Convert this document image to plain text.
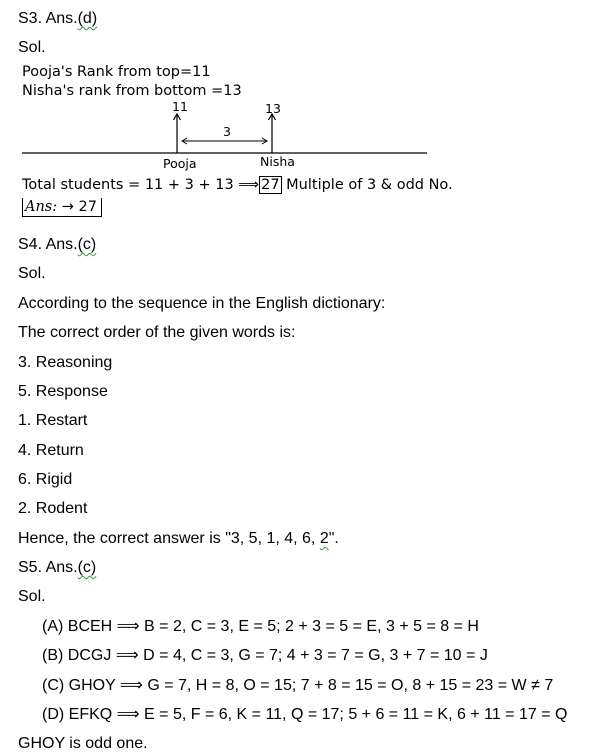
S3. Ans.(d)
Sol.
Pooja's Rank from top=11
Nisha's rank from bottom =13
11	13
3
Pooja	Nisha
Total students = 11 + 3 + 13 ⟹ 27 Multiple of 3 & odd No.
Ans: → 27
S4. Ans.(c)
Sol.
According to the sequence in the English dictionary:
The correct order of the given words is:
3. Reasoning
5. Response
1. Restart
4. Return
6. Rigid
2. Rodent
Hence, the correct answer is "3, 5, 1, 4, 6, 2".
S5. Ans.(c)
Sol.
(A) BCEH ⟹ B = 2, C = 3, E = 5; 2 + 3 = 5 = E, 3 + 5 = 8 = H
(B) DCGJ ⟹ D = 4, C = 3, G = 7; 4 + 3 = 7 = G, 3 + 7 = 10 = J
(C) GHOY ⟹ G = 7, H = 8, O = 15; 7 + 8 = 15 = O, 8 + 15 = 23 = W ≠ 7
(D) EFKQ ⟹ E = 5, F = 6, K = 11, Q = 17; 5 + 6 = 11 = K, 6 + 11 = 17 = Q
GHOY is odd one.
